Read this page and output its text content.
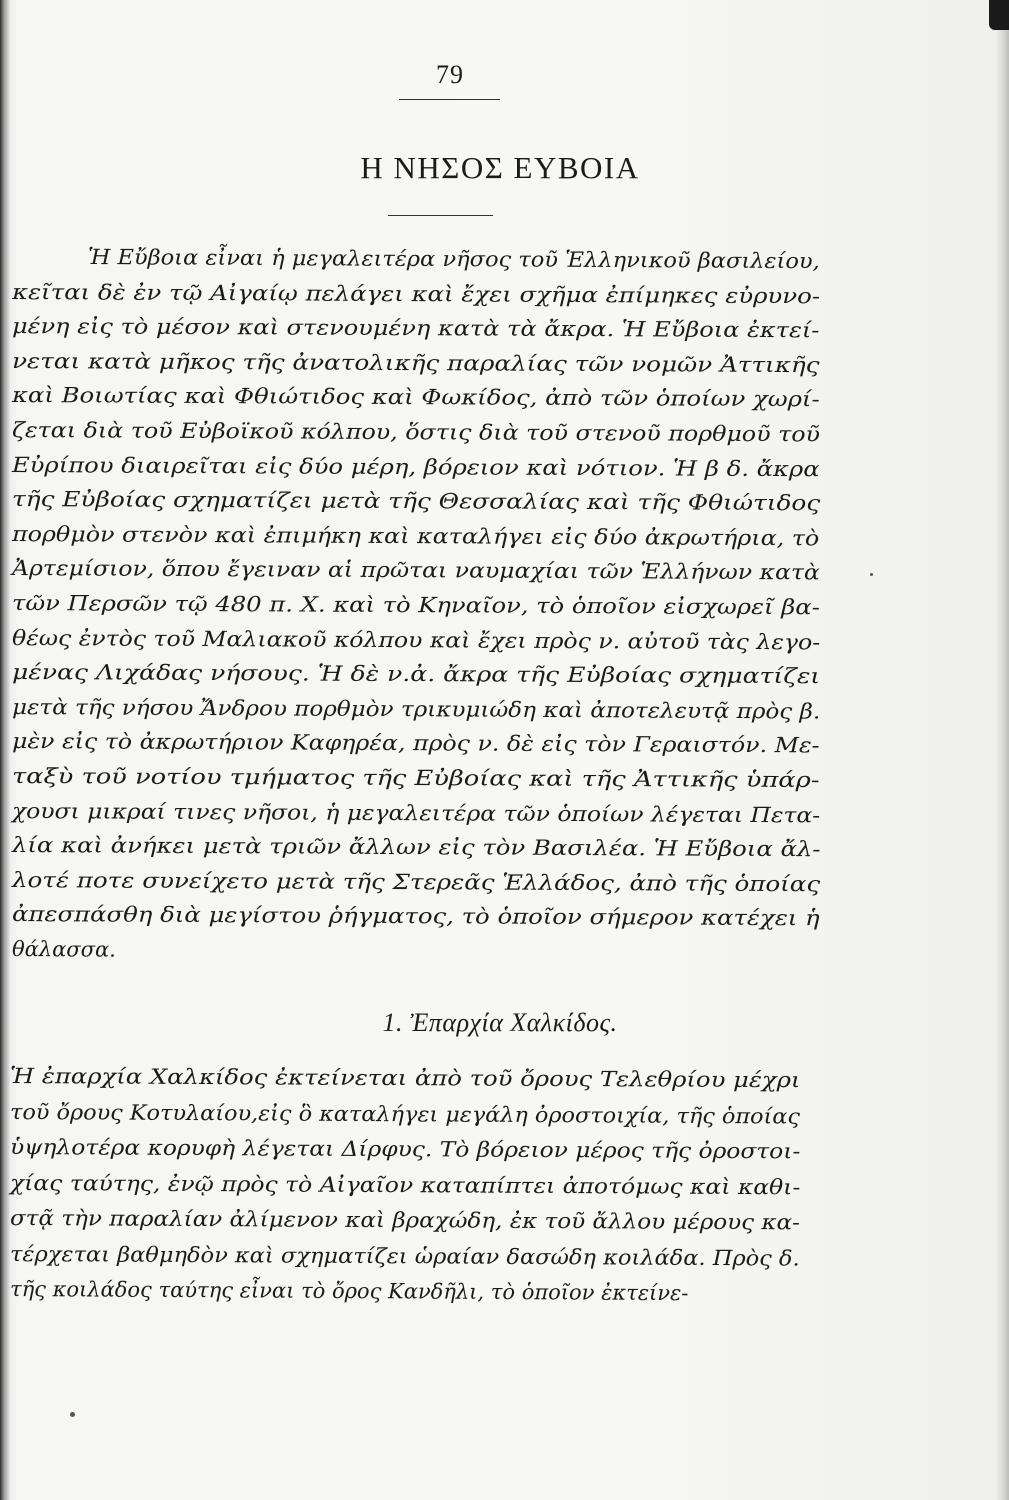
79
Η ΝΗΣΟΣ ΕΥΒΟΙΑ
Ἡ Εὔβοια εἶναι ἡ μεγαλειτέρα νῆσος τοῦ Ἑλληνικοῦ βασιλείου,
κεῖται δὲ ἐν τῷ Αἰγαίῳ πελάγει καὶ ἔχει σχῆμα ἐπίμηκες εὐρυνο-
μένη εἰς τὸ μέσον καὶ στενουμένη κατὰ τὰ ἄκρα. Ἡ Εὔβοια ἐκτεί-
νεται κατὰ μῆκος τῆς ἀνατολικῆς παραλίας τῶν νομῶν Ἀττικῆς
καὶ Βοιωτίας καὶ Φθιώτιδος καὶ Φωκίδος, ἀπὸ τῶν ὁποίων χωρί-
ζεται διὰ τοῦ Εὐβοϊκοῦ κόλπου, ὅστις διὰ τοῦ στενοῦ πορθμοῦ τοῦ
Εὐρίπου διαιρεῖται εἰς δύο μέρη, βόρειον καὶ νότιον. Ἡ β δ. ἄκρα
τῆς Εὐβοίας σχηματίζει μετὰ τῆς Θεσσαλίας καὶ τῆς Φθιώτιδος
πορθμὸν στενὸν καὶ ἐπιμήκη καὶ καταλήγει εἰς δύο ἀκρωτήρια, τὸ
Ἀρτεμίσιον, ὅπου ἔγειναν αἱ πρῶται ναυμαχίαι τῶν Ἑλλήνων κατὰ
τῶν Περσῶν τῷ 480 π. Χ. καὶ τὸ Κηναῖον, τὸ ὁποῖον εἰσχωρεῖ βα-
θέως ἐντὸς τοῦ Μαλιακοῦ κόλπου καὶ ἔχει πρὸς ν. αὐτοῦ τὰς λεγο-
μένας Λιχάδας νήσους. Ἡ δὲ ν.ἀ. ἄκρα τῆς Εὐβοίας σχηματίζει
μετὰ τῆς νήσου Ἄνδρου πορθμὸν τρικυμιώδη καὶ ἀποτελευτᾷ πρὸς β.
μὲν εἰς τὸ ἀκρωτήριον Καφηρέα, πρὸς ν. δὲ εἰς τὸν Γεραιστόν. Με-
ταξὺ τοῦ νοτίου τμήματος τῆς Εὐβοίας καὶ τῆς Ἀττικῆς ὑπάρ-
χουσι μικραί τινες νῆσοι, ἡ μεγαλειτέρα τῶν ὁποίων λέγεται Πετα-
λία καὶ ἀνήκει μετὰ τριῶν ἄλλων εἰς τὸν Βασιλέα. Ἡ Εὔβοια ἄλ-
λοτέ ποτε συνείχετο μετὰ τῆς Στερεᾶς Ἑλλάδος, ἀπὸ τῆς ὁποίας
ἀπεσπάσθη διὰ μεγίστου ῥήγματος, τὸ ὁποῖον σήμερον κατέχει ἡ
θάλασσα.
1. Ἐπαρχία Χαλκίδος.
Ἡ ἐπαρχία Χαλκίδος ἐκτείνεται ἀπὸ τοῦ ὄρους Τελεθρίου μέχρι
τοῦ ὄρους Κοτυλαίου,εἰς ὃ καταλήγει μεγάλη ὀροστοιχία, τῆς ὁποίας
ὑψηλοτέρα κορυφὴ λέγεται Δίρφυς. Τὸ βόρειον μέρος τῆς ὀροστοι-
χίας ταύτης, ἐνῷ πρὸς τὸ Αἰγαῖον καταπίπτει ἀποτόμως καὶ καθι-
στᾷ τὴν παραλίαν ἀλίμενον καὶ βραχώδη, ἐκ τοῦ ἄλλου μέρους κα-
τέρχεται βαθμηδὸν καὶ σχηματίζει ὡραίαν δασώδη κοιλάδα. Πρὸς δ.
τῆς κοιλάδος ταύτης εἶναι τὸ ὄρος Κανδῆλι, τὸ ὁποῖον ἐκτείνε-
